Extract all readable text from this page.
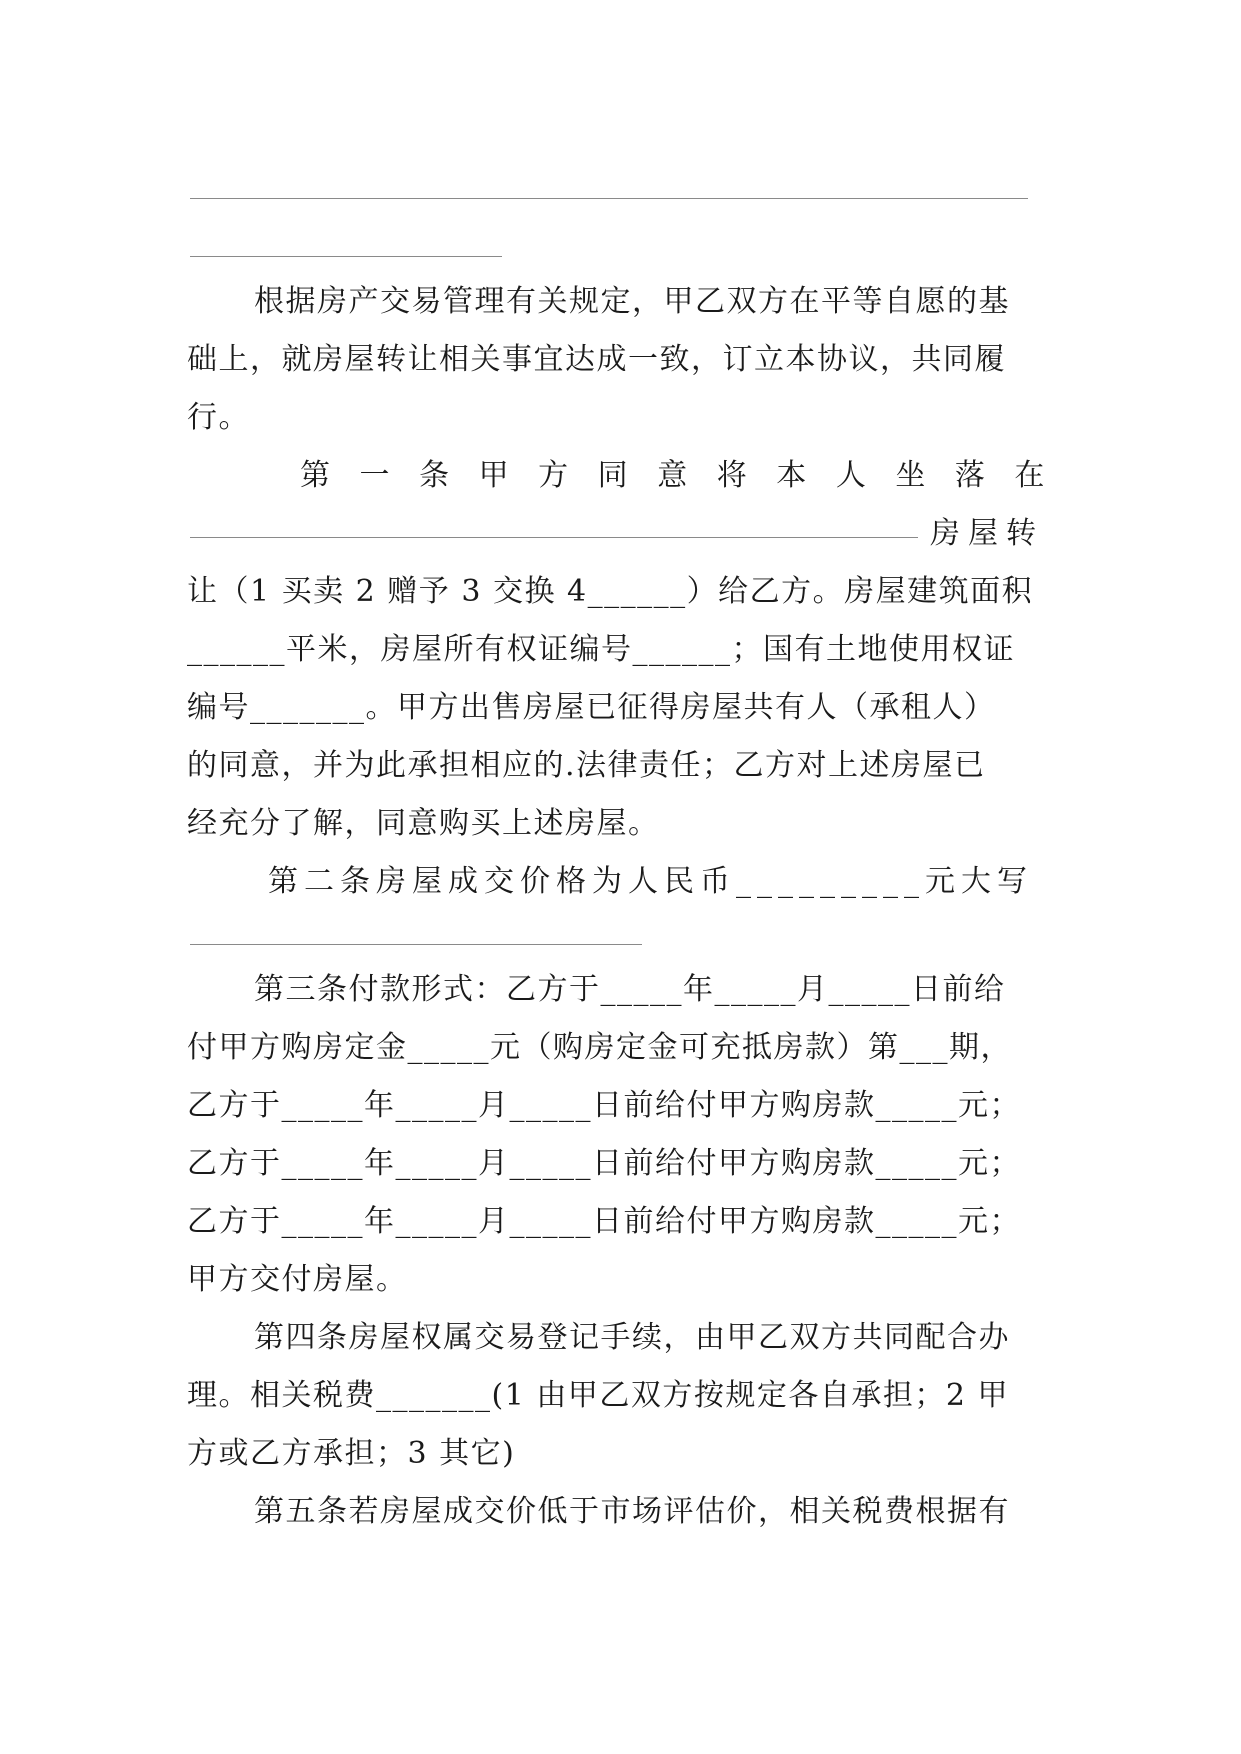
根据房产交易管理有关规定，甲乙双方在平等自愿的基
础上，就房屋转让相关事宜达成一致，订立本协议，共同履
行。
第 一 条 甲 方 同 意 将 本 人 坐 落 在
房屋转
让（1 买卖 2 赠予 3 交换 4______）给乙方。房屋建筑面积
______平米，房屋所有权证编号______；国有土地使用权证
编号_______。甲方出售房屋已征得房屋共有人（承租人）
的同意，并为此承担相应的.法律责任；乙方对上述房屋已
经充分了解，同意购买上述房屋。
第二条房屋成交价格为人民币_________元大写
第三条付款形式：乙方于_____年_____月_____日前给
付甲方购房定金_____元（购房定金可充抵房款）第___期，
乙方于_____年_____月_____日前给付甲方购房款_____元；
乙方于_____年_____月_____日前给付甲方购房款_____元；
乙方于_____年_____月_____日前给付甲方购房款_____元；
甲方交付房屋。
第四条房屋权属交易登记手续，由甲乙双方共同配合办
理。相关税费_______(1 由甲乙双方按规定各自承担；2 甲
方或乙方承担；3 其它)
第五条若房屋成交价低于市场评估价，相关税费根据有
